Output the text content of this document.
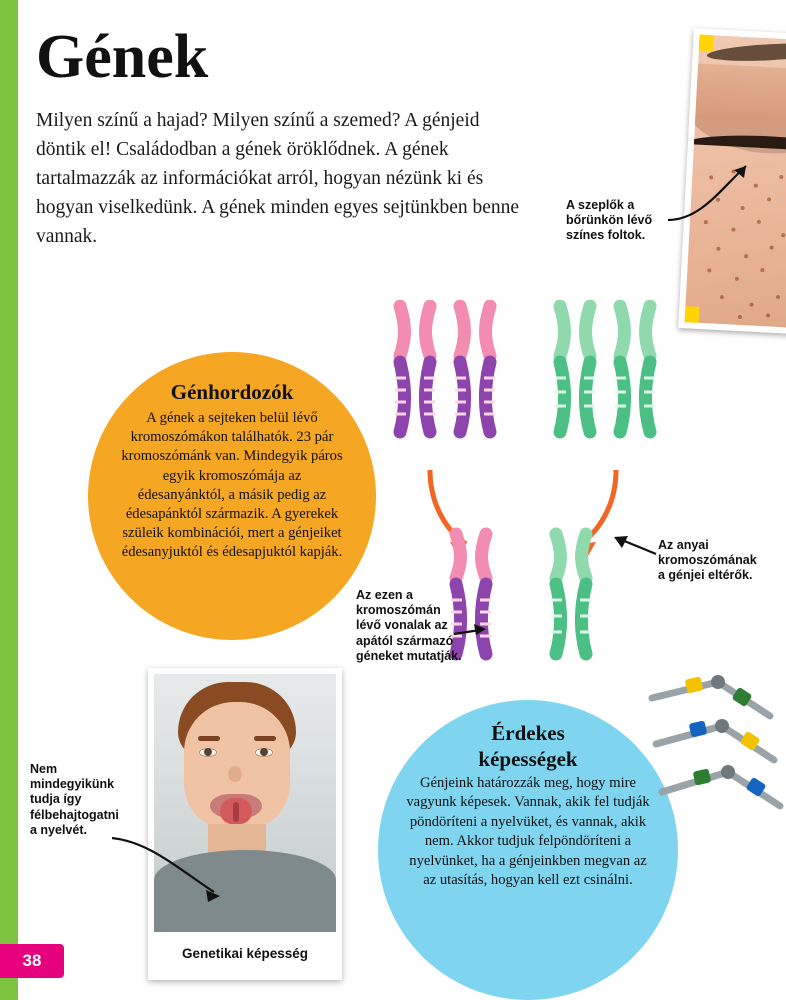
38
Gének
Milyen színű a hajad? Milyen színű a szemed? A génjeid döntik el! Családodban a gének öröklődnek. A gének tartalmazzák az információkat arról, hogyan nézünk ki és hogyan viselkedünk. A gének minden egyes sejtünkben benne vannak.
A szeplők a bőrünkön lévő színes foltok.
Génhordozók

A gének a sejteken belül lévő kromoszómákon találhatók. 23 pár kromoszómánk van. Mindegyik páros egyik kromoszómája az édesanyánktól, a másik pedig az édesapánktól származik. A gyerekek szüleik kombinációi, mert a génjeiket édesanyjuktól és édesapjuktól kapják.

Az ezen a kromoszómán lévő vonalak az apától származó géneket mutatják.
Az anyai kromoszómának a génjei eltérők.
Érdekes
képességek

Génjeink határozzák meg, hogy mire vagyunk képesek. Vannak, akik fel tudják pöndöríteni a nyelvüket, és vannak, akik nem. Akkor tudjuk felpöndöríteni a nyelvünket, ha a génjeinkben megvan az az utasítás, hogyan kell ezt csinálni.

Genetikai képesség
Nem mindegyikünk tudja így félbehajtogatni a nyelvét.
